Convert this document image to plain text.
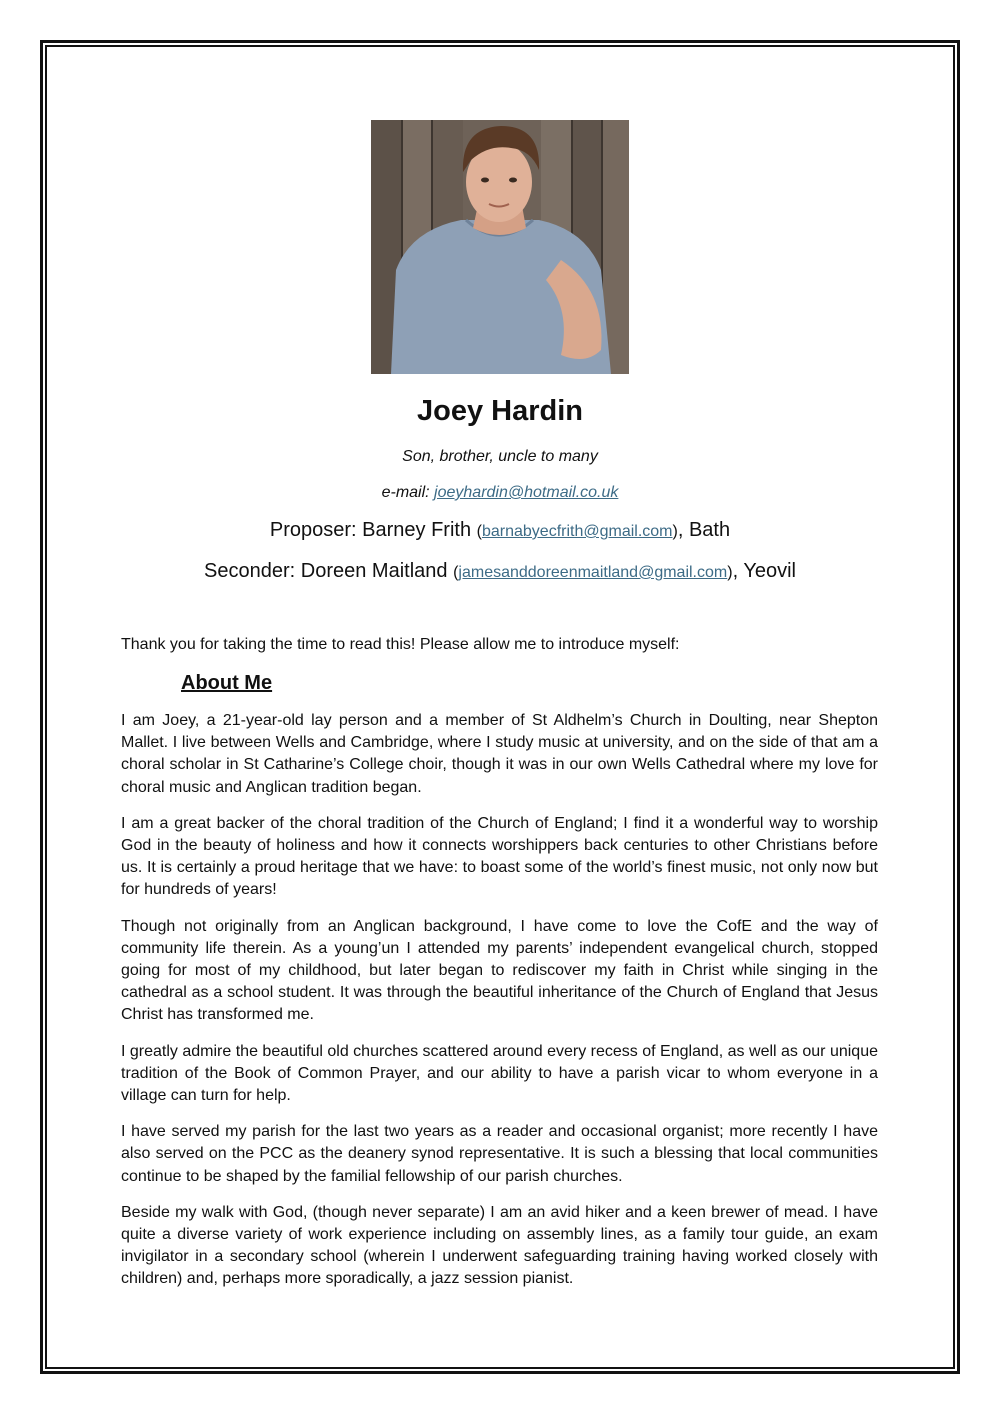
Joey Hardin
Son, brother, uncle to many
e-mail: joeyhardin@hotmail.co.uk
Proposer: Barney Frith (barnabyecfrith@gmail.com), Bath
Seconder: Doreen Maitland (jamesanddoreenmaitland@gmail.com), Yeovil
Thank you for taking the time to read this! Please allow me to introduce myself:
About Me

I am Joey, a 21-year-old lay person and a member of St Aldhelm’s Church in Doulting, near Shepton Mallet. I live between Wells and Cambridge, where I study music at university, and on the side of that am a choral scholar in St Catharine’s College choir, though it was in our own Wells Cathedral where my love for choral music and Anglican tradition began.

I am a great backer of the choral tradition of the Church of England; I find it a wonderful way to worship God in the beauty of holiness and how it connects worshippers back centuries to other Christians before us. It is certainly a proud heritage that we have: to boast some of the world’s finest music, not only now but for hundreds of years!

Though not originally from an Anglican background, I have come to love the CofE and the way of community life therein. As a young’un I attended my parents’ independent evangelical church, stopped going for most of my childhood, but later began to rediscover my faith in Christ while singing in the cathedral as a school student. It was through the beautiful inheritance of the Church of England that Jesus Christ has transformed me.

I greatly admire the beautiful old churches scattered around every recess of England, as well as our unique tradition of the Book of Common Prayer, and our ability to have a parish vicar to whom everyone in a village can turn for help.

I have served my parish for the last two years as a reader and occasional organist; more recently I have also served on the PCC as the deanery synod representative. It is such a blessing that local communities continue to be shaped by the familial fellowship of our parish churches.

Beside my walk with God, (though never separate) I am an avid hiker and a keen brewer of mead. I have quite a diverse variety of work experience including on assembly lines, as a family tour guide, an exam invigilator in a secondary school (wherein I underwent safeguarding training having worked closely with children) and, perhaps more sporadically, a jazz session pianist.
